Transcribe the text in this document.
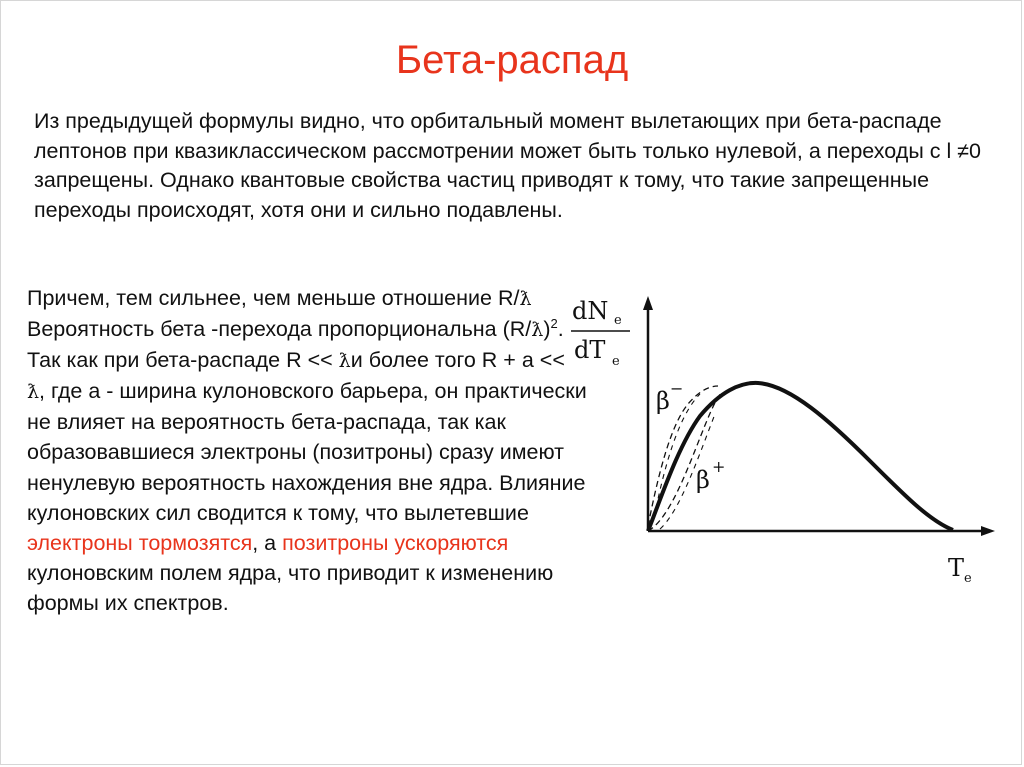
Бета-распад
Из предыдущей формулы видно, что орбитальный момент вылетающих при бета-распаде лептонов при квазиклассическом рассмотрении может быть только нулевой, а переходы с l ≠0 запрещены. Однако квантовые свойства частиц приводят к тому, что такие запрещенные переходы происходят, хотя они и сильно подавлены.
Причем, тем сильнее, чем меньше отношение R/ƛ Вероятность бета -перехода пропорциональна (R/ƛ)$^2$. Так как при бета-распаде R << ƛи более того R + a << ƛ, где a - ширина кулоновского барьера, он практически не влияет на вероятность бета-распада, так как образовавшиеся электроны (позитроны) сразу имеют ненулевую вероятность нахождения вне ядра. Влияние кулоновских сил сводится к тому, что вылетевшие электроны тормозятся, а позитроны ускоряются кулоновским полем ядра, что приводит к изменению формы их спектров.
dN e
dT e
T e
β −
β +
